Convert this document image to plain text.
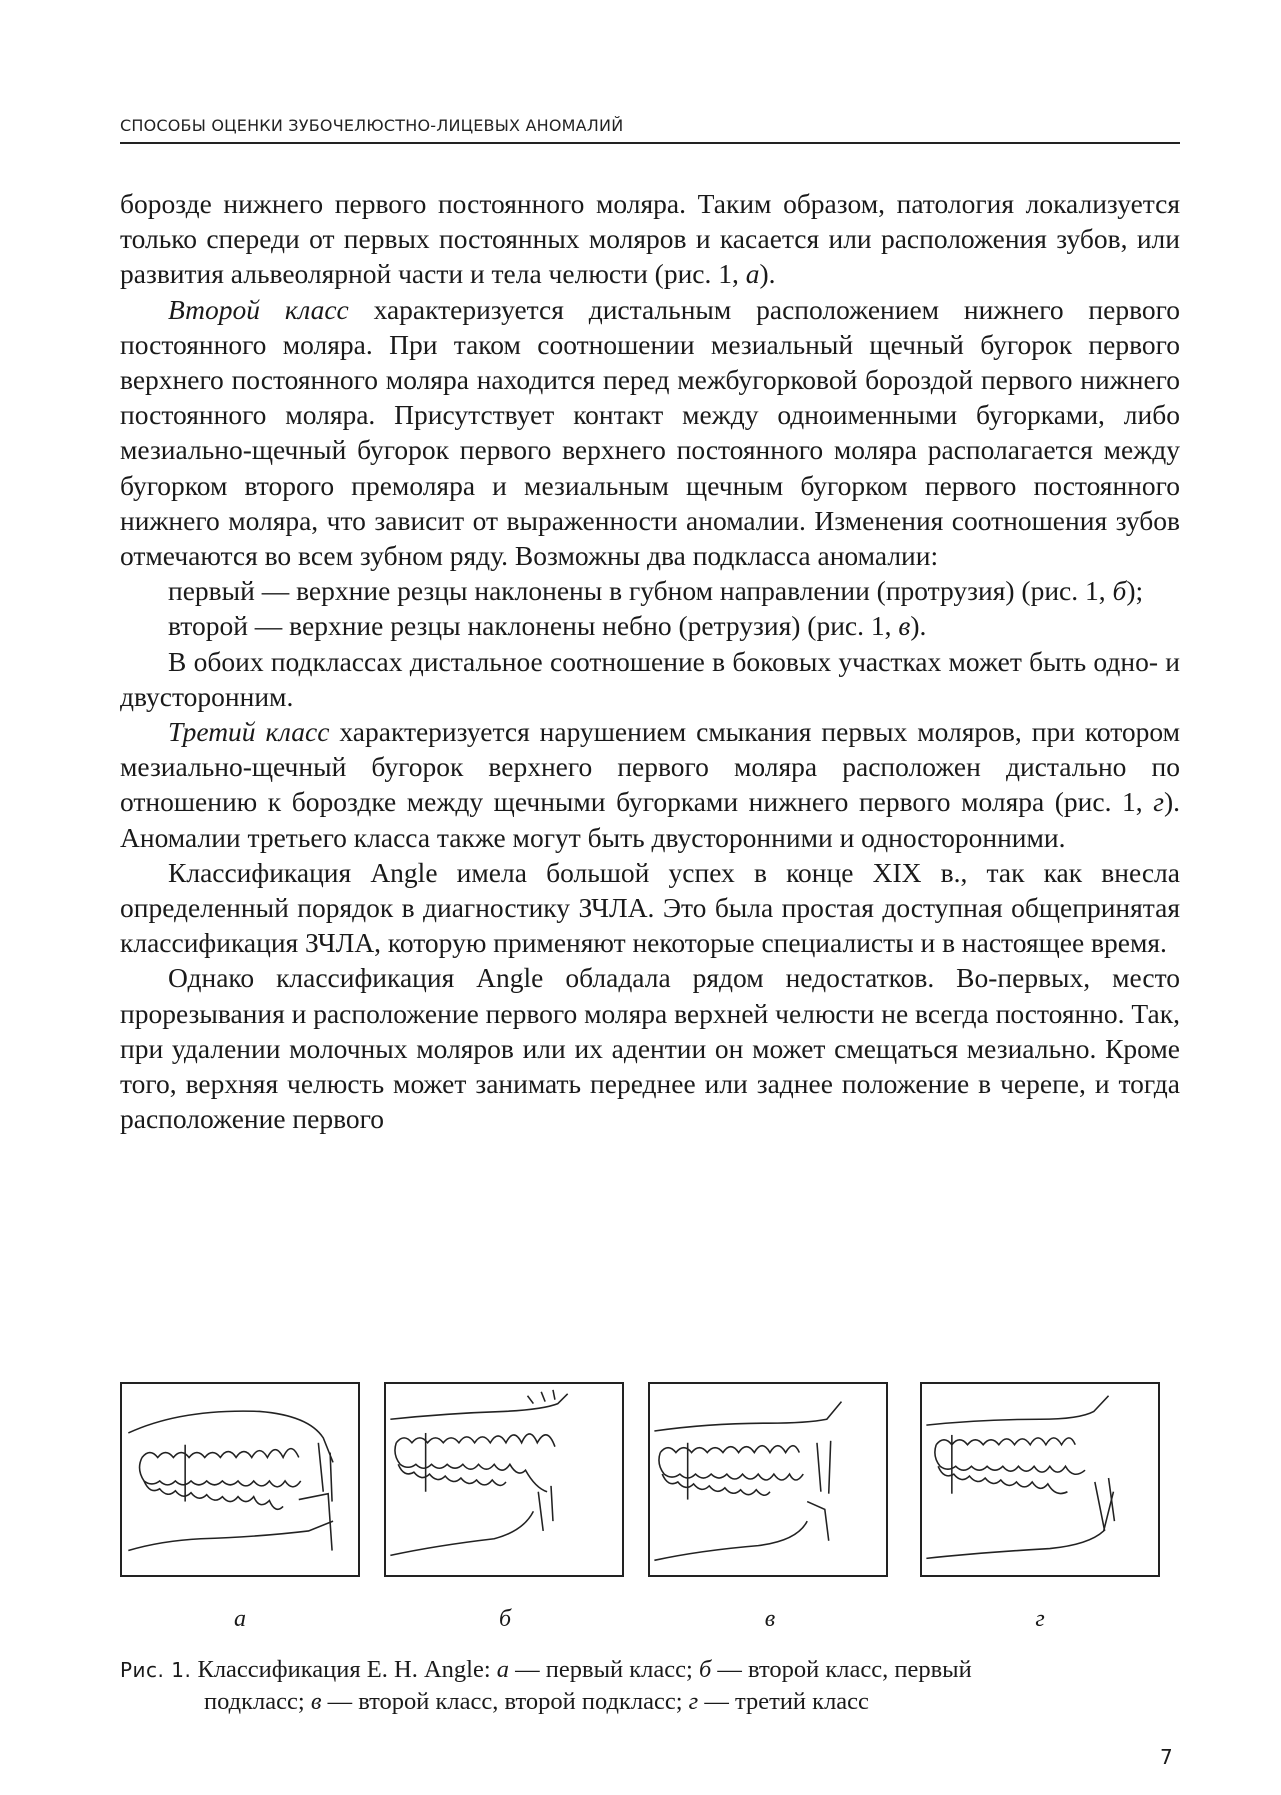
СПОСОБЫ ОЦЕНКИ ЗУБОЧЕЛЮСТНО-ЛИЦЕВЫХ АНОМАЛИЙ

борозде нижнего первого постоянного моляра. Таким образом, патология локализуется только спереди от первых постоянных моляров и касается или расположения зубов, или развития альвеолярной части и тела челюсти (рис. 1, а).

Второй класс характеризуется дистальным расположением нижнего первого постоянного моляра. При таком соотношении мезиальный щечный бугорок первого верхнего постоянного моляра находится перед межбугорковой бороздой первого нижнего постоянного моляра. Присутствует контакт между одноименными бугорками, либо мезиально-щечный бугорок первого верхнего постоянного моляра располагается между бугорком второго премоляра и мезиальным щечным бугорком первого постоянного нижнего моляра, что зависит от выраженности аномалии. Изменения соотношения зубов отмечаются во всем зубном ряду. Возможны два подкласса аномалии:

первый — верхние резцы наклонены в губном направлении (протрузия) (рис. 1, б);

второй — верхние резцы наклонены небно (ретрузия) (рис. 1, в).

В обоих подклассах дистальное соотношение в боковых участках может быть одно- и двусторонним.

Третий класс характеризуется нарушением смыкания первых моляров, при котором мезиально-щечный бугорок верхнего первого моляра расположен дистально по отношению к бороздке между щечными бугорками нижнего первого моляра (рис. 1, г). Аномалии третьего класса также могут быть двусторонними и односторонними.

Классификация Angle имела большой успех в конце XIX в., так как внесла определенный порядок в диагностику ЗЧЛА. Это была простая доступная общепринятая классификация ЗЧЛА, которую применяют некоторые специалисты и в настоящее время.

Однако классификация Angle обладала рядом недостатков. Во-первых, место прорезывания и расположение первого моляра верхней челюсти не всегда постоянно. Так, при удалении молочных моляров или их адентии он может смещаться мезиально. Кроме того, верхняя челюсть может занимать переднее или заднее положение в черепе, и тогда расположение первого

а	б	в	г
Рис. 1. Классификация Е. Н. Angle: а — первый класс; б — второй класс, первый
подкласс; в — второй класс, второй подкласс; г — третий класс
7
